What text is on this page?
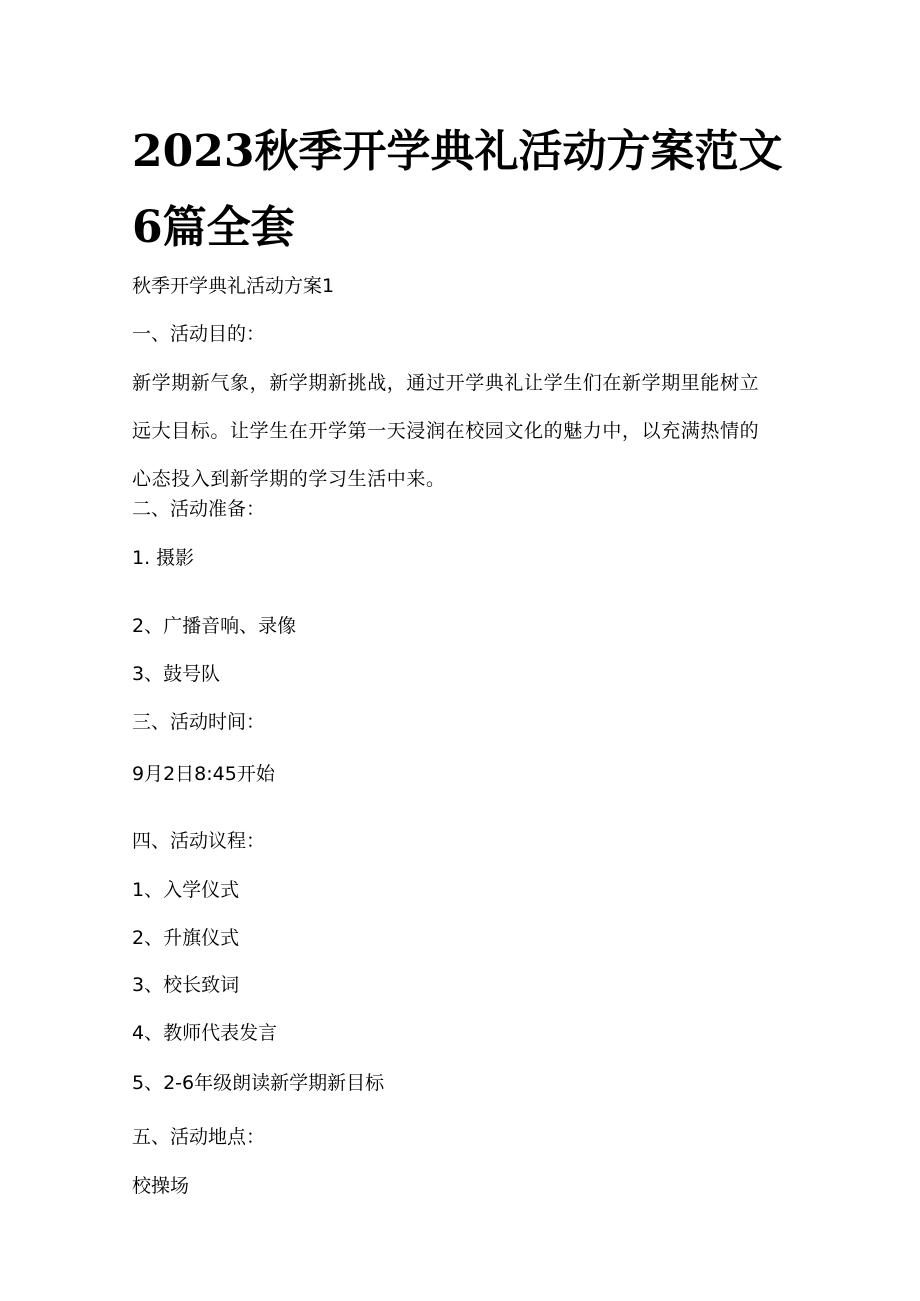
2023秋季开学典礼活动方案范文
6篇全套
秋季开学典礼活动方案1
一、活动目的：
新学期新气象，新学期新挑战，通过开学典礼让学生们在新学期里能树立
远大目标。让学生在开学第一天浸润在校园文化的魅力中，以充满热情的
心态投入到新学期的学习生活中来。
二、活动准备：
1. 摄影
2、广播音响、录像
3、鼓号队
三、活动时间：
9月2日8:45开始
四、活动议程：
1、入学仪式
2、升旗仪式
3、校长致词
4、教师代表发言
5、2-6年级朗读新学期新目标
五、活动地点：
校操场
